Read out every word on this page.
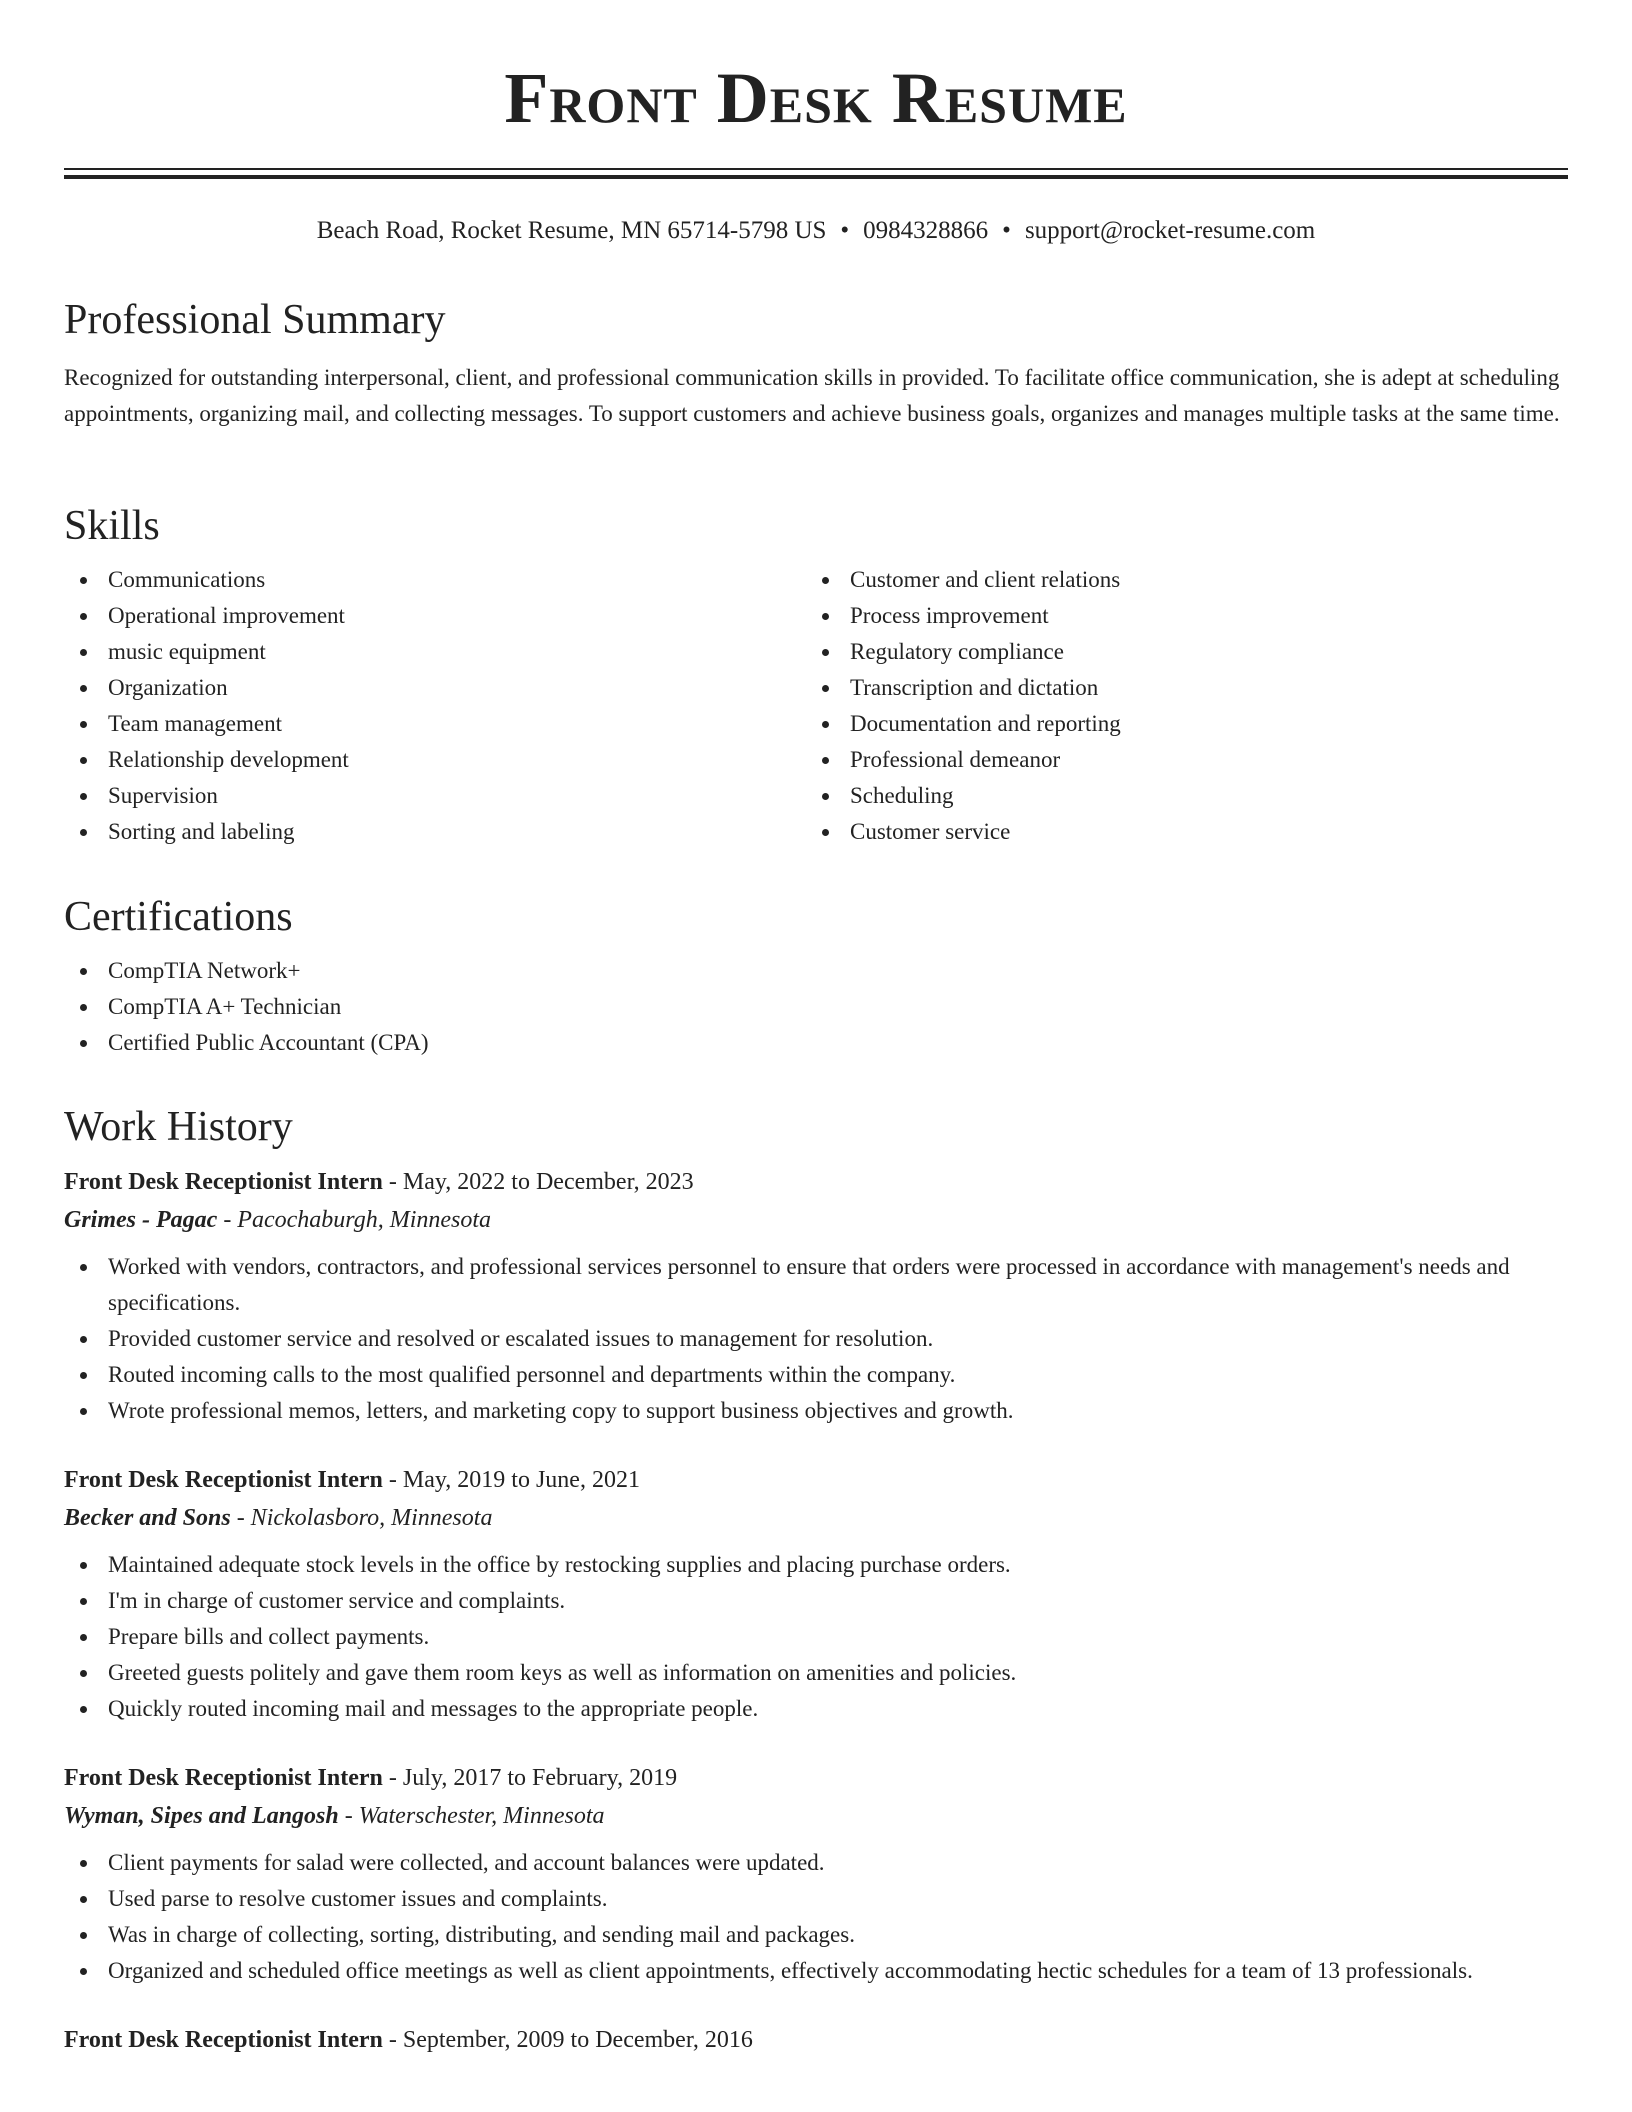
Front Desk Resume
Beach Road, Rocket Resume, MN 65714-5798 US • 0984328866 • support@rocket-resume.com
Professional Summary

Recognized for outstanding interpersonal, client, and professional communication skills in provided. To facilitate office communication, she is adept at scheduling appointments, organizing mail, and collecting messages. To support customers and achieve business goals, organizes and manages multiple tasks at the same time.

Skills
Communications
Operational improvement
music equipment
Organization
Team management
Relationship development
Supervision
Sorting and labeling
Customer and client relations
Process improvement
Regulatory compliance
Transcription and dictation
Documentation and reporting
Professional demeanor
Scheduling
Customer service
Certifications
CompTIA Network+
CompTIA A+ Technician
Certified Public Accountant (CPA)
Work History

Front Desk Receptionist Intern - May, 2022 to December, 2023

Grimes - Pagac - Pacochaburgh, Minnesota

Worked with vendors, contractors, and professional services personnel to ensure that orders were processed in accordance with management's needs and specifications.
Provided customer service and resolved or escalated issues to management for resolution.
Routed incoming calls to the most qualified personnel and departments within the company.
Wrote professional memos, letters, and marketing copy to support business objectives and growth.

Front Desk Receptionist Intern - May, 2019 to June, 2021

Becker and Sons - Nickolasboro, Minnesota

Maintained adequate stock levels in the office by restocking supplies and placing purchase orders.
I'm in charge of customer service and complaints.
Prepare bills and collect payments.
Greeted guests politely and gave them room keys as well as information on amenities and policies.
Quickly routed incoming mail and messages to the appropriate people.

Front Desk Receptionist Intern - July, 2017 to February, 2019

Wyman, Sipes and Langosh - Waterschester, Minnesota

Client payments for salad were collected, and account balances were updated.
Used parse to resolve customer issues and complaints.
Was in charge of collecting, sorting, distributing, and sending mail and packages.
Organized and scheduled office meetings as well as client appointments, effectively accommodating hectic schedules for a team of 13 professionals.

Front Desk Receptionist Intern - September, 2009 to December, 2016
